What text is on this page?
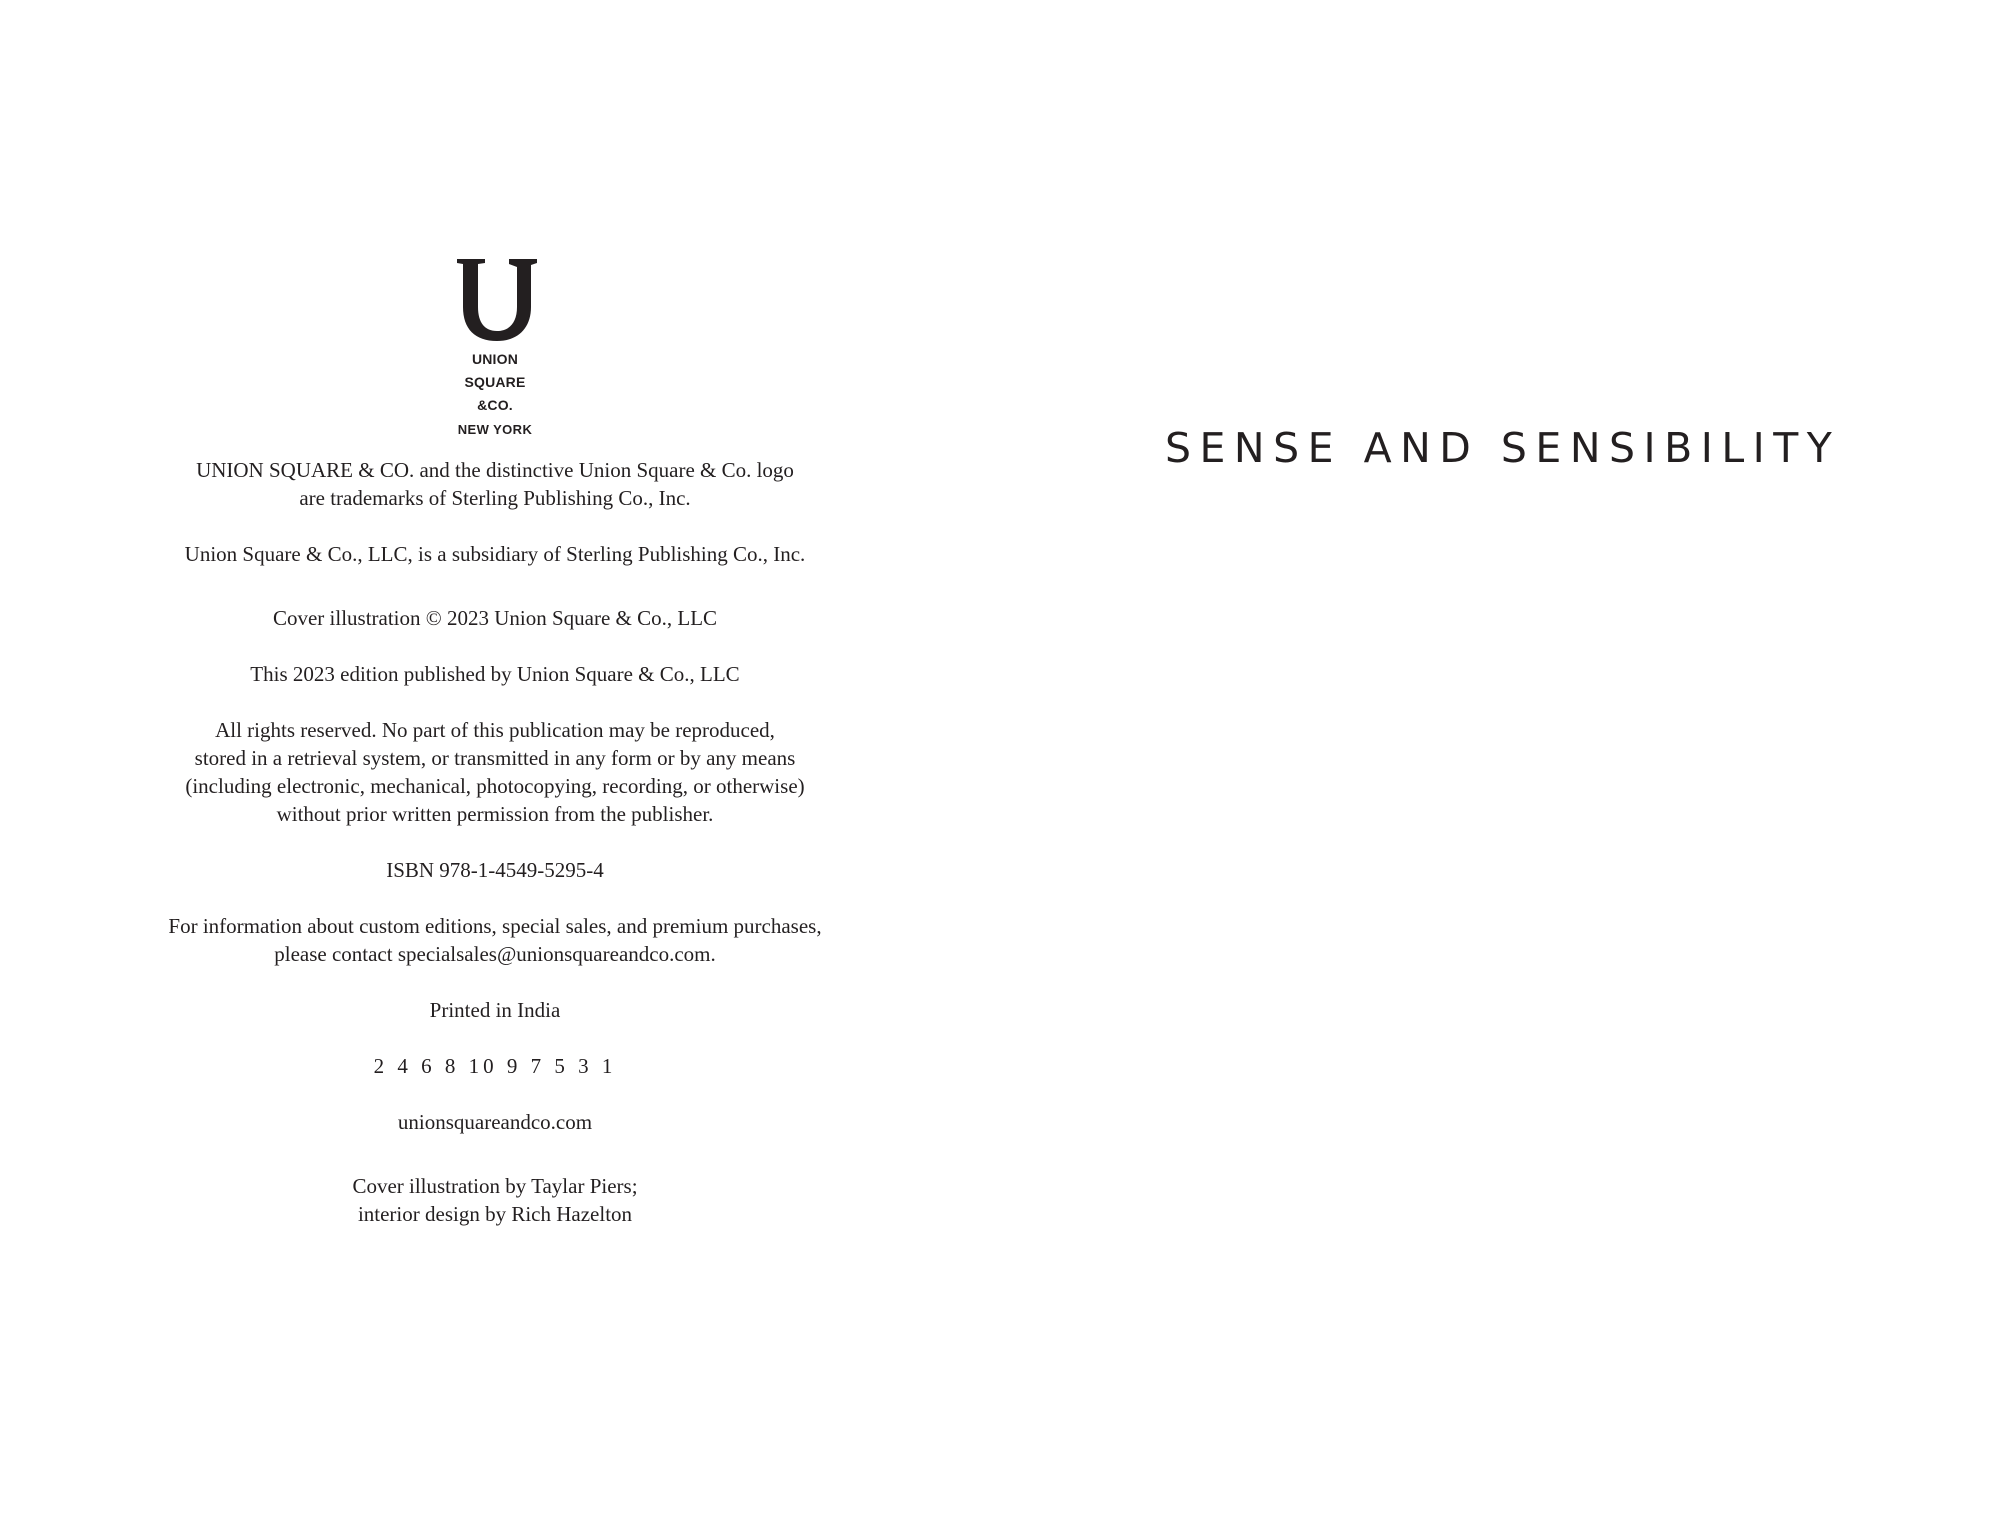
UNION
SQUARE
&CO.
NEW YORK
UNION SQUARE & CO. and the distinctive Union Square & Co. logo
are trademarks of Sterling Publishing Co., Inc.
Union Square & Co., LLC, is a subsidiary of Sterling Publishing Co., Inc.
Cover illustration © 2023 Union Square & Co., LLC
This 2023 edition published by Union Square & Co., LLC
All rights reserved. No part of this publication may be reproduced,
stored in a retrieval system, or transmitted in any form or by any means
(including electronic, mechanical, photocopying, recording, or otherwise)
without prior written permission from the publisher.
ISBN 978-1-4549-5295-4
For information about custom editions, special sales, and premium purchases,
please contact specialsales@unionsquareandco.com.
Printed in India
2 4 6 8 10 9 7 5 3 1
unionsquareandco.com
Cover illustration by Taylar Piers;
interior design by Rich Hazelton
SENSE AND SENSIBILITY
